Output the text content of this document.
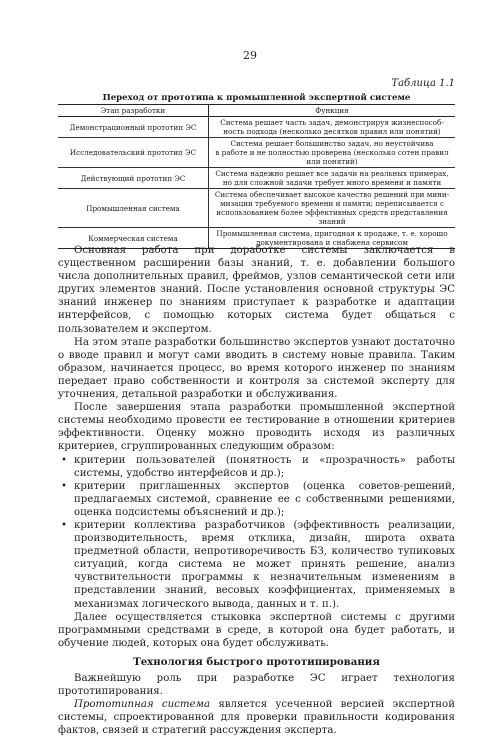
29
Таблица 1.1
Переход от прототипа к промышленной экспертной системе
Этап разработки	Функция
Демонстрационный прототип ЭС	Система решает часть задач, демонстрируя жизнеспособ-
ность подхода (несколько десятков правил или понятий)

Исследовательский прототип ЭС	Система решает большинство задач, но неустойчива
в работе и не полностью проверена (несколько сотен правил
или понятий)

Действующий прототип ЭС	Система надежно решает все задачи на реальных примерах,
но для сложной задачи требует много времени и памяти

Промышленная система	Система обеспечивает высокое качество решений при мини-
мизации требуемого времени и памяти; переписывается с
использованием более эффективных средств представления
знаний

Коммерческая система	Промышленная система, пригодная к продаже, т. е. хорошо
документирована и снабжена сервисом

Основная работа при доработке системы заключается в существенном расширении базы знаний, т. е. добавлении большого числа дополнительных правил, фреймов, узлов семантической сети или других элементов знаний. После установления основной структуры ЭС знаний инженер по знаниям приступает к разработке и адаптации интерфейсов, с помощью которых система будет общаться с пользователем и экспертом.

На этом этапе разработки большинство экспертов узнают достаточно о вводе правил и могут сами вводить в систему новые правила. Таким образом, начинается процесс, во время которого инженер по знаниям передает право собственности и контроля за системой эксперту для уточнения, детальной разработки и обслуживания.

После завершения этапа разработки промышленной экспертной системы необходимо провести ее тестирование в отношении критериев эффективности. Оценку можно проводить исходя из различных критериев, сгруппированных следующим образом:

• критерии пользователей (понятность и «прозрачность» работы системы, удобство интерфейсов и др.);
• критерии приглашенных экспертов (оценка советов-решений, предлагаемых системой, сравнение ее с собственными решениями, оценка подсистемы объяснений и др.);
• критерии коллектива разработчиков (эффективность реализации, производительность, время отклика, дизайн, широта охвата предметной области, непротиворечивость БЗ, количество тупиковых ситуаций, когда система не может принять решение, анализ чувствительности программы к незначительным изменениям в представлении знаний, весовых коэффициентах, применяемых в механизмах логического вывода, данных и т. п.).

Далее осуществляется стыковка экспертной системы с другими программными средствами в среде, в которой она будет работать, и обучение людей, которых она будет обслуживать.

Технология быстрого прототипирования

Важнейшую роль при разработке ЭС играет технология прототипирования.

Прототипная система является усеченной версией экспертной системы, спроектированной для проверки правильности кодирования фактов, связей и стратегий рассуждения эксперта.
